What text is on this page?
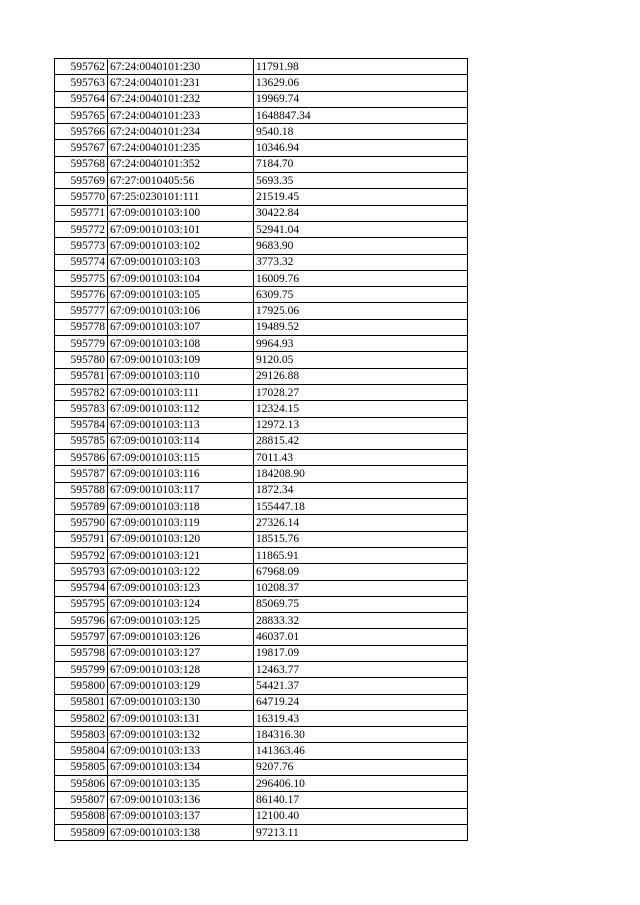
595762	67:24:0040101:230	11791.98
595763	67:24:0040101:231	13629.06
595764	67:24:0040101:232	19969.74
595765	67:24:0040101:233	1648847.34
595766	67:24:0040101:234	9540.18
595767	67:24:0040101:235	10346.94
595768	67:24:0040101:352	7184.70
595769	67:27:0010405:56	5693.35
595770	67:25:0230101:111	21519.45
595771	67:09:0010103:100	30422.84
595772	67:09:0010103:101	52941.04
595773	67:09:0010103:102	9683.90
595774	67:09:0010103:103	3773.32
595775	67:09:0010103:104	16009.76
595776	67:09:0010103:105	6309.75
595777	67:09:0010103:106	17925.06
595778	67:09:0010103:107	19489.52
595779	67:09:0010103:108	9964.93
595780	67:09:0010103:109	9120.05
595781	67:09:0010103:110	29126.88
595782	67:09:0010103:111	17028.27
595783	67:09:0010103:112	12324.15
595784	67:09:0010103:113	12972.13
595785	67:09:0010103:114	28815.42
595786	67:09:0010103:115	7011.43
595787	67:09:0010103:116	184208.90
595788	67:09:0010103:117	1872.34
595789	67:09:0010103:118	155447.18
595790	67:09:0010103:119	27326.14
595791	67:09:0010103:120	18515.76
595792	67:09:0010103:121	11865.91
595793	67:09:0010103:122	67968.09
595794	67:09:0010103:123	10208.37
595795	67:09:0010103:124	85069.75
595796	67:09:0010103:125	28833.32
595797	67:09:0010103:126	46037.01
595798	67:09:0010103:127	19817.09
595799	67:09:0010103:128	12463.77
595800	67:09:0010103:129	54421.37
595801	67:09:0010103:130	64719.24
595802	67:09:0010103:131	16319.43
595803	67:09:0010103:132	184316.30
595804	67:09:0010103:133	141363.46
595805	67:09:0010103:134	9207.76
595806	67:09:0010103:135	296406.10
595807	67:09:0010103:136	86140.17
595808	67:09:0010103:137	12100.40
595809	67:09:0010103:138	97213.11
